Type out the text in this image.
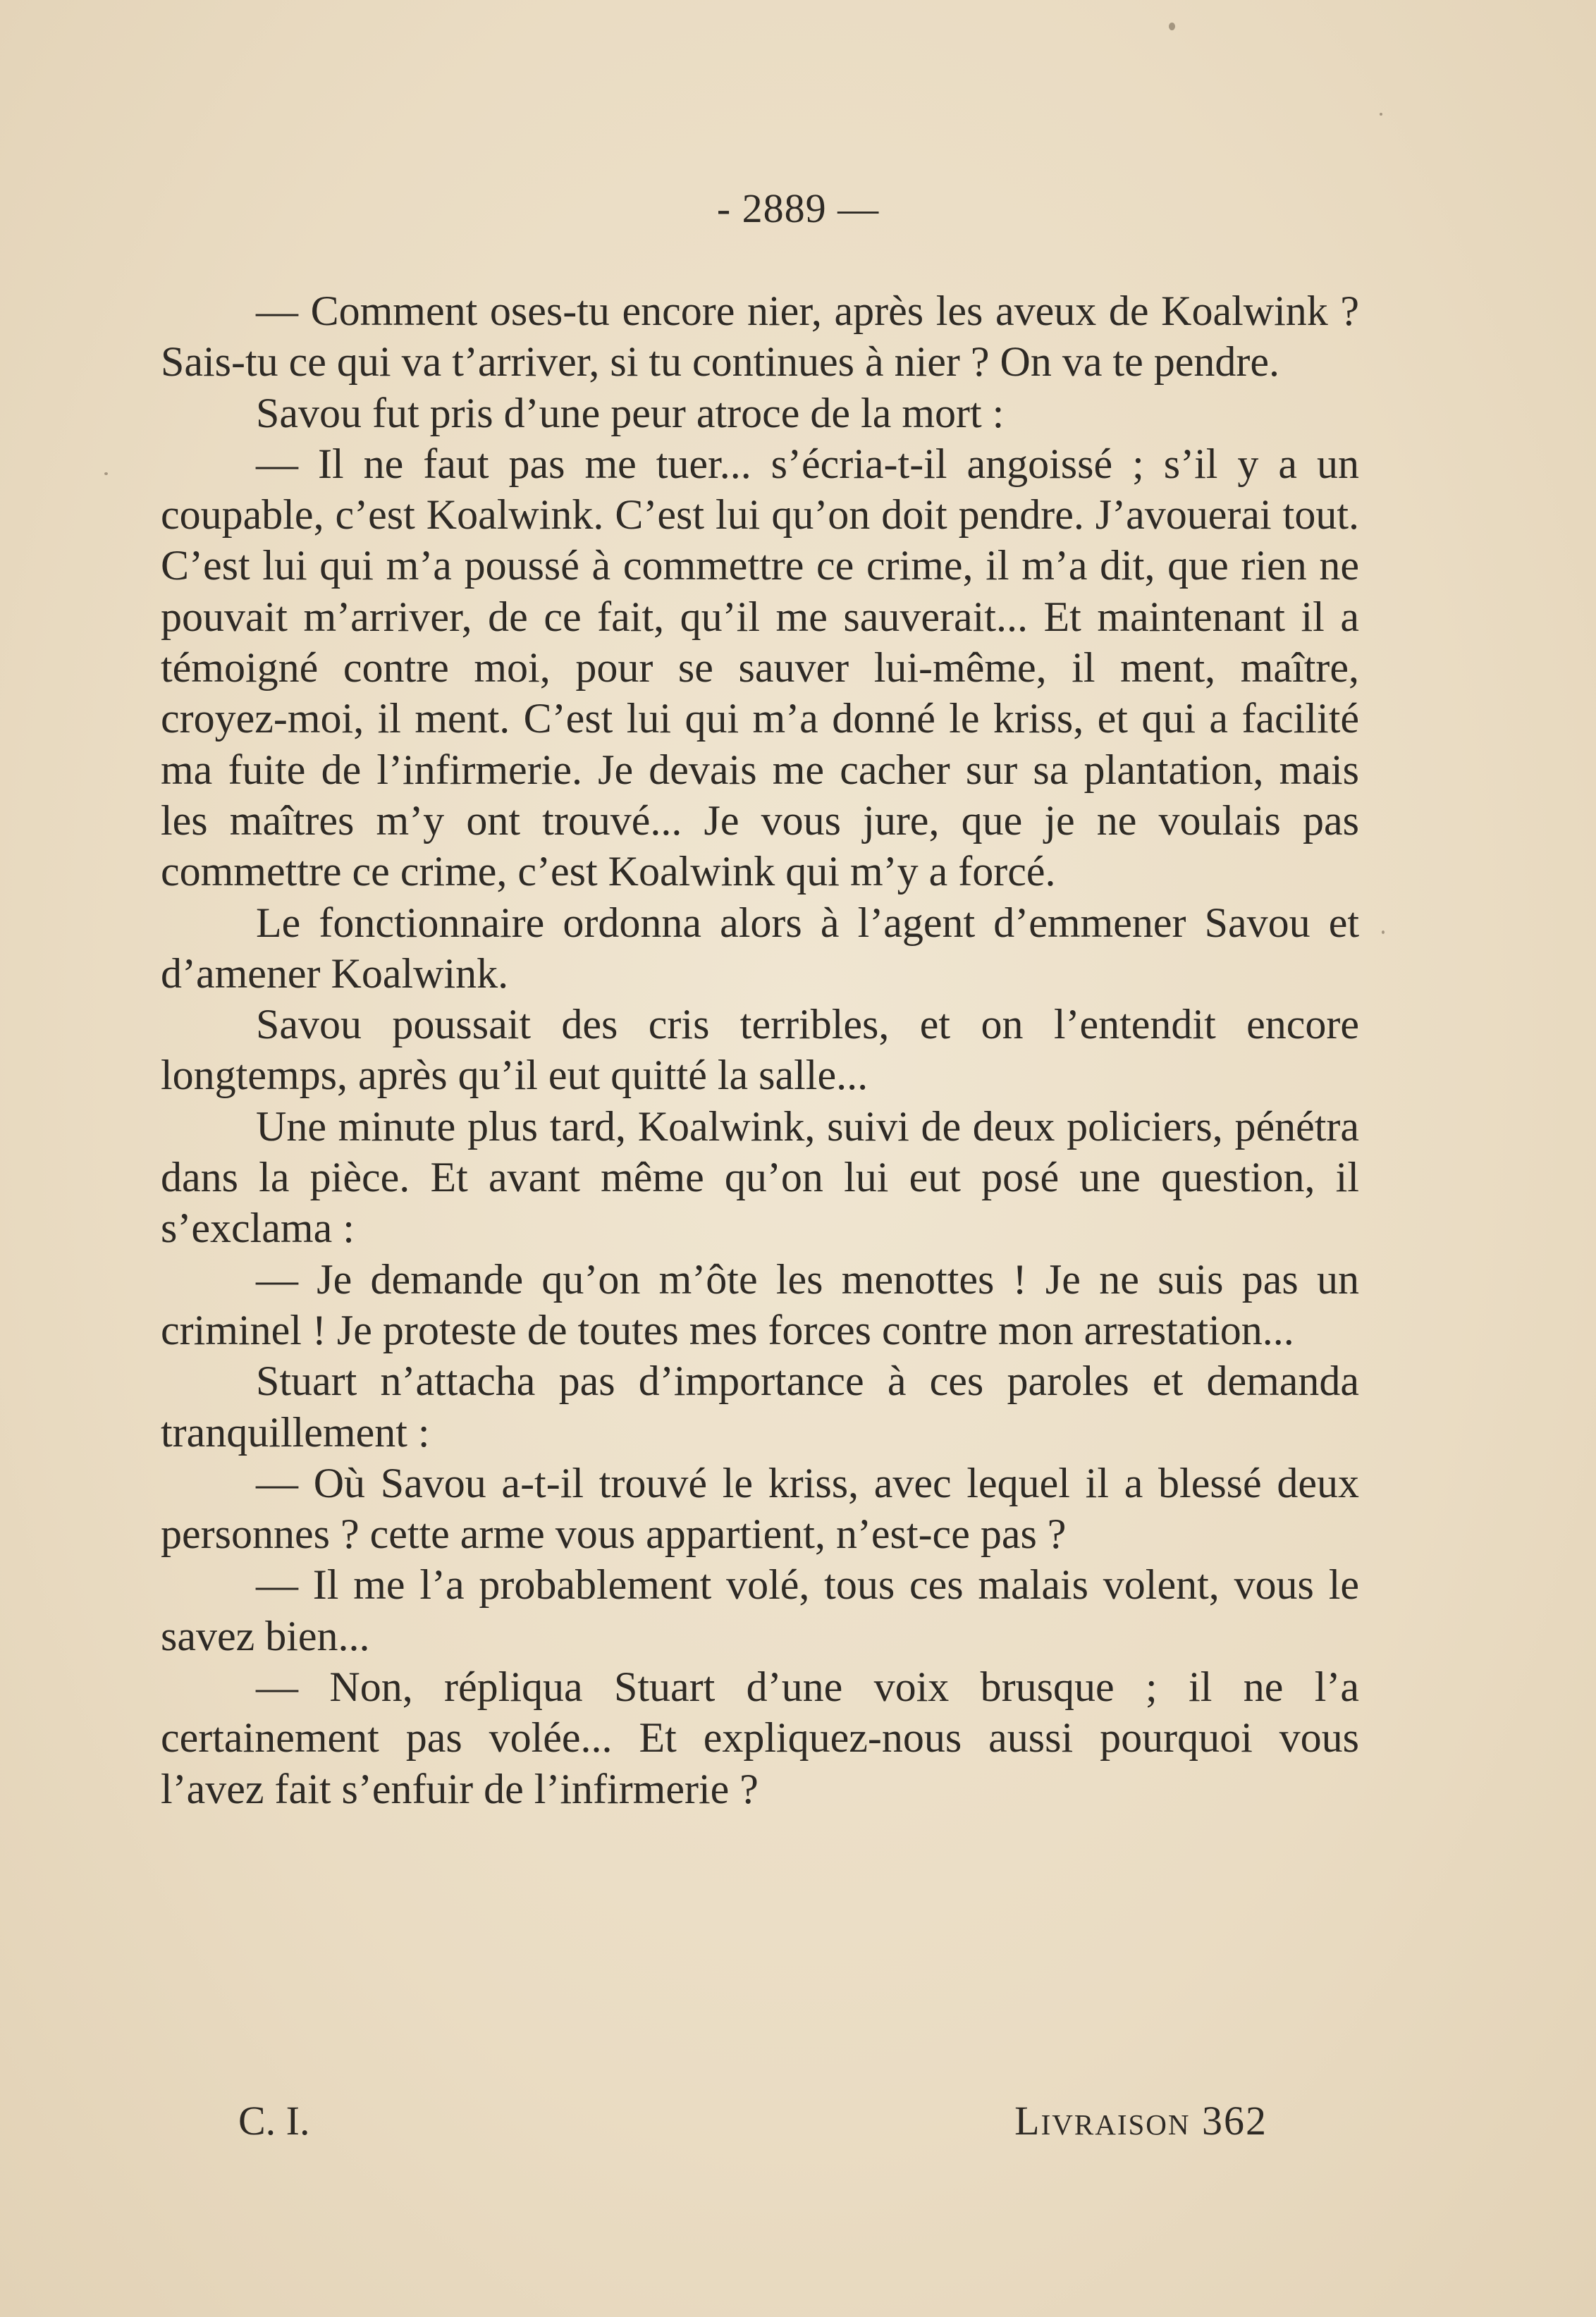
- 2889 —

— Comment oses-tu encore nier, après les aveux de Koalwink ? Sais-tu ce qui va t’arriver, si tu continues à nier ? On va te pendre.

Savou fut pris d’une peur atroce de la mort :

— Il ne faut pas me tuer... s’écria-t-il angoissé ; s’il y a un coupable, c’est Koalwink. C’est lui qu’on doit pendre. J’avouerai tout. C’est lui qui m’a poussé à commettre ce crime, il m’a dit, que rien ne pouvait m’arriver, de ce fait, qu’il me sauverait... Et maintenant il a témoigné contre moi, pour se sauver lui-même, il ment, maître, croyez-moi, il ment. C’est lui qui m’a donné le kriss, et qui a facilité ma fuite de l’infirmerie. Je devais me cacher sur sa plantation, mais les maîtres m’y ont trouvé... Je vous jure, que je ne voulais pas commettre ce crime, c’est Koalwink qui m’y a forcé.

Le fonctionnaire ordonna alors à l’agent d’emmener Savou et d’amener Koalwink.

Savou poussait des cris terribles, et on l’entendit encore longtemps, après qu’il eut quitté la salle...

Une minute plus tard, Koalwink, suivi de deux policiers, pénétra dans la pièce. Et avant même qu’on lui eut posé une question, il s’exclama :

— Je demande qu’on m’ôte les menottes ! Je ne suis pas un criminel ! Je proteste de toutes mes forces contre mon arrestation...

Stuart n’attacha pas d’importance à ces paroles et demanda tranquillement :

— Où Savou a-t-il trouvé le kriss, avec lequel il a blessé deux personnes ? cette arme vous appartient, n’est-ce pas ?

— Il me l’a probablement volé, tous ces malais volent, vous le savez bien...

— Non, répliqua Stuart d’une voix brusque ; il ne l’a certainement pas volée... Et expliquez-nous aussi pourquoi vous l’avez fait s’enfuir de l’infirmerie ?

C. I.	Livraison 362
